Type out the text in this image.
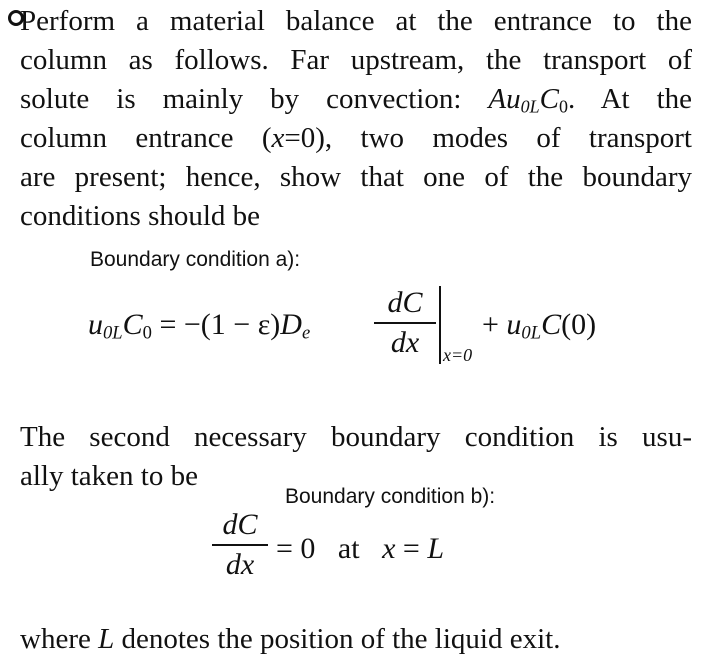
Perform a material balance at the entrance to the
column as follows. Far upstream, the transport of
solute is mainly by convection: $Au_{0L}C_0$. At the
column entrance (x=0), two modes of transport
are present; hence, show that one of the boundary
conditions should be
Boundary condition a):
$u_{0L}C_0 = -(1 - \varepsilon)D_e$
dC
dx	x=0
+ $u_{0L}C(0)$
The second necessary boundary condition is usu-
ally taken to be
Boundary condition b):
dC
dx = 0 at x = L
where L denotes the position of the liquid exit.
